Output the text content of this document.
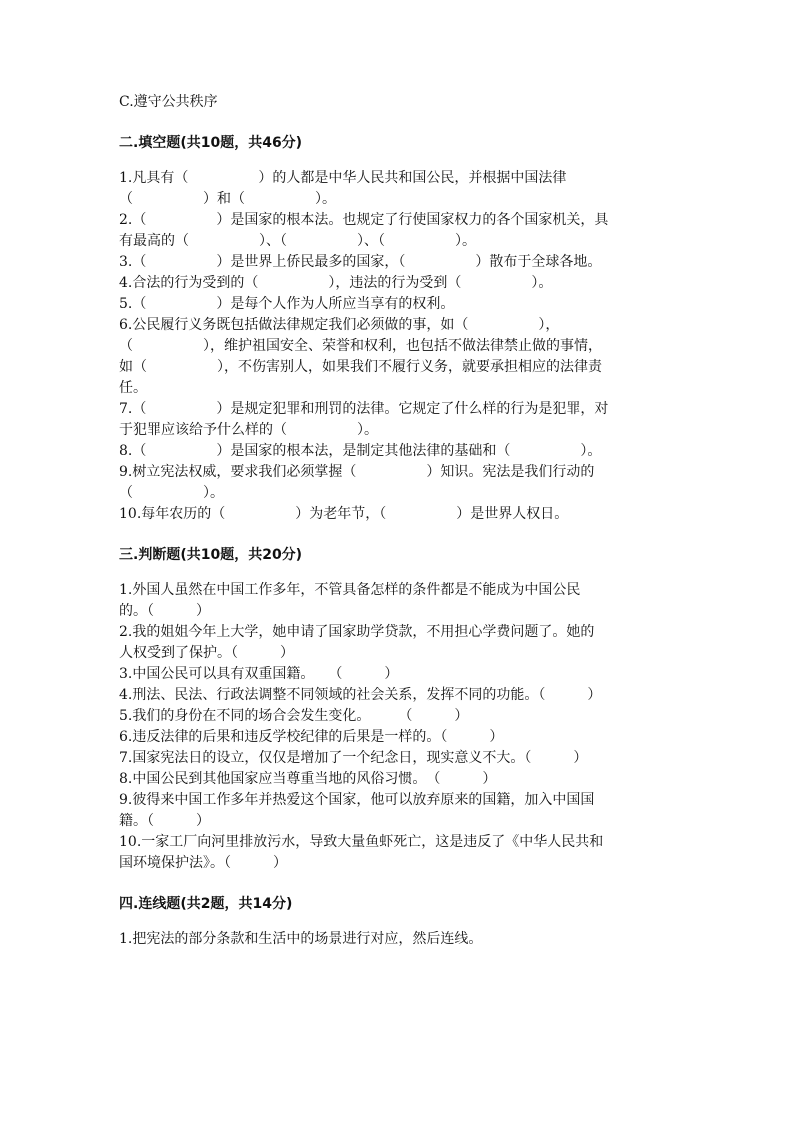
C.遵守公共秩序
二.填空题(共10题，共46分)
1.凡具有（　　　　　）的人都是中华人民共和国公民，并根据中国法律
（　　　　　）和（　　　　　）。
2.（　　　　　）是国家的根本法。也规定了行使国家权力的各个国家机关，具
有最高的（　　　　　）、（　　　　　）、（　　　　　）。
3.（　　　　　）是世界上侨民最多的国家，（　　　　　）散布于全球各地。
4.合法的行为受到的（　　　　　），违法的行为受到（　　　　　）。
5.（　　　　　）是每个人作为人所应当享有的权利。
6.公民履行义务既包括做法律规定我们必须做的事，如（　　　　　），
（　　　　　），维护祖国安全、荣誉和权利，也包括不做法律禁止做的事情，
如（　　　　　），不伤害别人，如果我们不履行义务，就要承担相应的法律责
任。
7.（　　　　　）是规定犯罪和刑罚的法律。它规定了什么样的行为是犯罪，对
于犯罪应该给予什么样的（　　　　　）。
8.（　　　　　）是国家的根本法，是制定其他法律的基础和（　　　　　）。
9.树立宪法权威，要求我们必须掌握（　　　　　）知识。宪法是我们行动的
（　　　　　）。
10.每年农历的（　　　　　）为老年节，（　　　　　）是世界人权日。
三.判断题(共10题，共20分)
1.外国人虽然在中国工作多年，不管具备怎样的条件都是不能成为中国公民
的。（　　　）
2.我的姐姐今年上大学，她申请了国家助学贷款，不用担心学费问题了。她的
人权受到了保护。（　　　）
3.中国公民可以具有双重国籍。　　（　　　）
4.刑法、民法、行政法调整不同领域的社会关系，发挥不同的功能。（　　　）
5.我们的身份在不同的场合会发生变化。　　　（　　　）
6.违反法律的后果和违反学校纪律的后果是一样的。（　　　）
7.国家宪法日的设立，仅仅是增加了一个纪念日，现实意义不大。（　　　）
8.中国公民到其他国家应当尊重当地的风俗习惯。　（　　　）
9.彼得来中国工作多年并热爱这个国家，他可以放弃原来的国籍，加入中国国
籍。（　　　）
10.一家工厂向河里排放污水，导致大量鱼虾死亡，这是违反了《中华人民共和
国环境保护法》。（　　　）
四.连线题(共2题，共14分)
1.把宪法的部分条款和生活中的场景进行对应，然后连线。
